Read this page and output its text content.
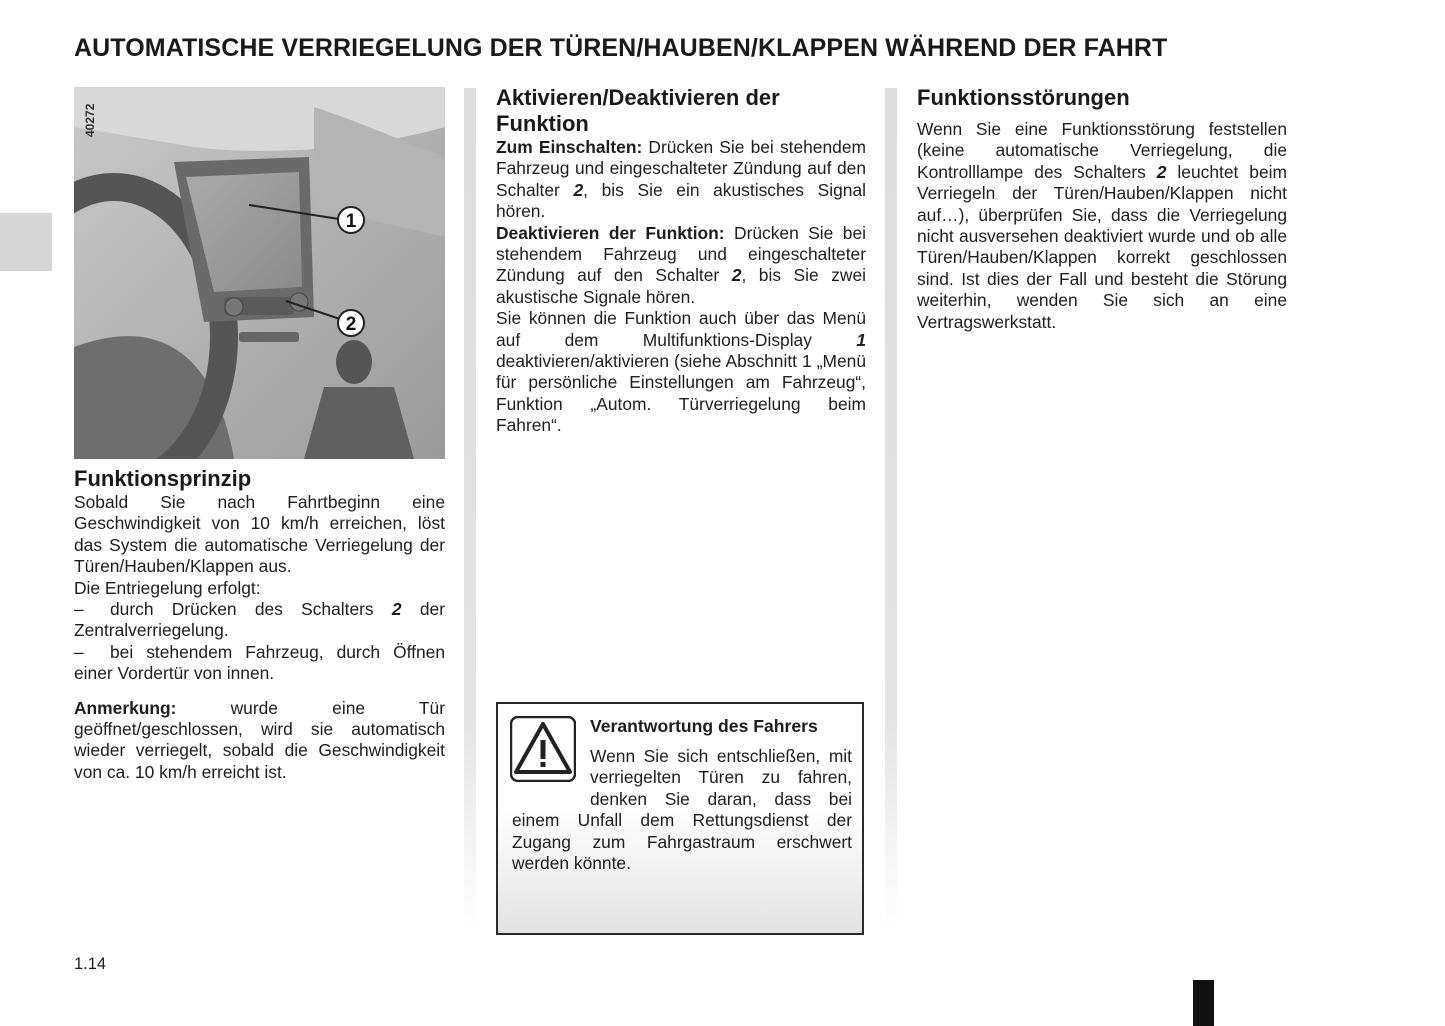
AUTOMATISCHE VERRIEGELUNG DER TÜREN/HAUBEN/KLAPPEN WÄHREND DER FAHRT
1
2
40272
Funktionsprinzip

Sobald Sie nach Fahrtbeginn eine Geschwindigkeit von 10 km/h erreichen, löst das System die automatische Verriegelung der Türen/Hauben/Klappen aus.

Die Entriegelung erfolgt:

– durch Drücken des Schalters 2 der Zentralverriegelung.

– bei stehendem Fahrzeug, durch Öffnen einer Vordertür von innen.

Anmerkung: wurde eine Tür geöffnet/geschlossen, wird sie automatisch wieder verriegelt, sobald die Geschwindigkeit von ca. 10 km/h erreicht ist.

Aktivieren/Deaktivieren der Funktion

Zum Einschalten: Drücken Sie bei stehendem Fahrzeug und eingeschalteter Zündung auf den Schalter 2, bis Sie ein akustisches Signal hören.

Deaktivieren der Funktion: Drücken Sie bei stehendem Fahrzeug und eingeschalteter Zündung auf den Schalter 2, bis Sie zwei akustische Signale hören.

Sie können die Funktion auch über das Menü auf dem Multifunktions-Display 1 deaktivieren/aktivieren (siehe Abschnitt 1 „Menü für persönliche Einstellungen am Fahrzeug“, Funktion „Autom. Türverriegelung beim Fahren“.

Verantwortung des Fahrers
Wenn Sie sich entschließen, mit verriegelten Türen zu fahren, denken Sie daran, dass bei einem Unfall dem Rettungsdienst der Zugang zum Fahrgastraum erschwert werden könnte.
Funktionsstörungen

Wenn Sie eine Funktionsstörung feststellen (keine automatische Verriegelung, die Kontrolllampe des Schalters 2 leuchtet beim Verriegeln der Türen/Hauben/Klappen nicht auf…), überprüfen Sie, dass die Verriegelung nicht ausversehen deaktiviert wurde und ob alle Türen/Hauben/Klappen korrekt geschlossen sind. Ist dies der Fall und besteht die Störung weiterhin, wenden Sie sich an eine Vertragswerkstatt.

1.14
